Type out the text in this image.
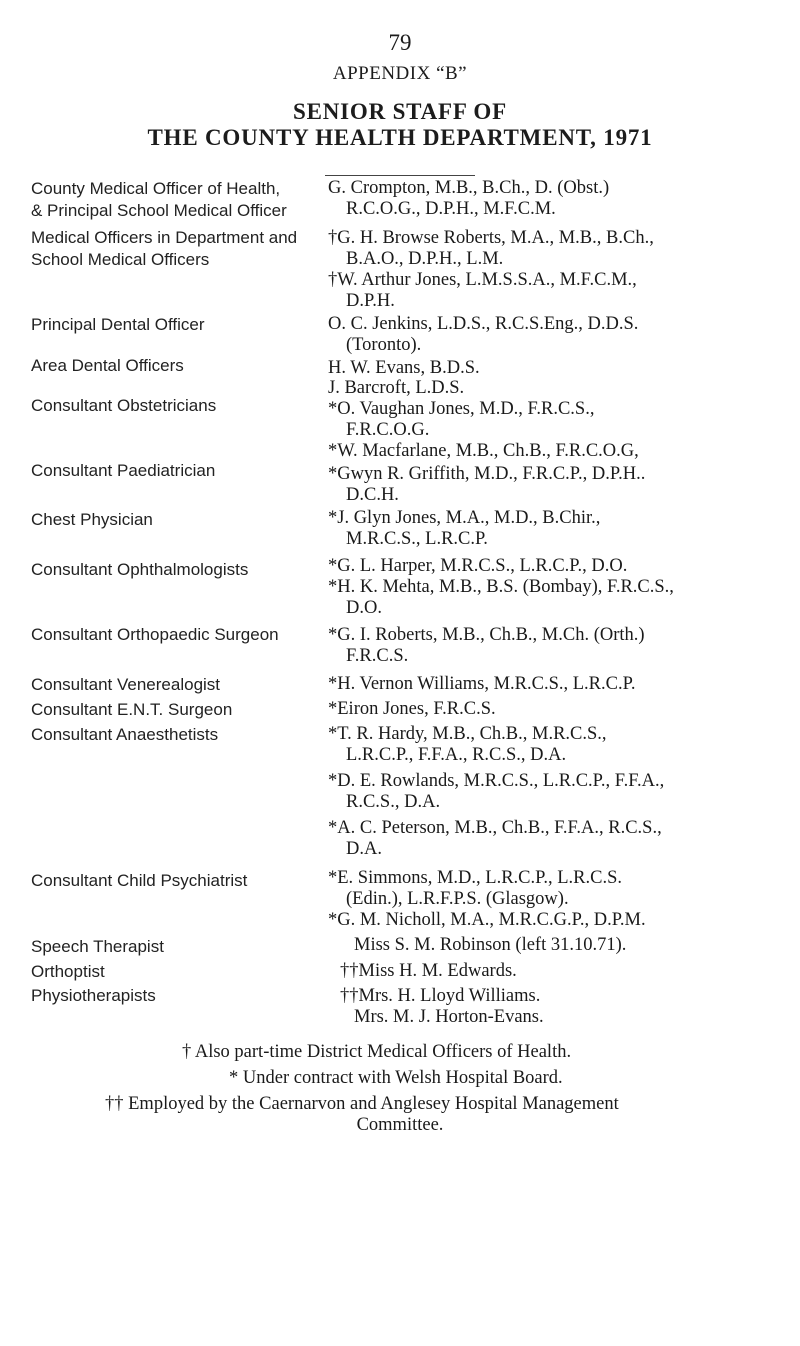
79
APPENDIX “B”
SENIOR STAFF OF
THE COUNTY HEALTH DEPARTMENT, 1971
County Medical Officer of Health,
& Principal School Medical Officer
Medical Officers in Department and
School Medical Officers
Principal Dental Officer
Area Dental Officers
Consultant Obstetricians
Consultant Paediatrician
Chest Physician
Consultant Ophthalmologists
Consultant Orthopaedic Surgeon
Consultant Venerealogist
Consultant E.N.T. Surgeon
Consultant Anaesthetists
Consultant Child Psychiatrist
Speech Therapist
Orthoptist
Physiotherapists
G. Crompton, M.B., B.Ch., D. (Obst.)
R.C.O.G., D.P.H., M.F.C.M.
†G. H. Browse Roberts, M.A., M.B., B.Ch.,
B.A.O., D.P.H., L.M.
†W. Arthur Jones, L.M.S.S.A., M.F.C.M.,
D.P.H.
O. C. Jenkins, L.D.S., R.C.S.Eng., D.D.S.
(Toronto).
H. W. Evans, B.D.S.
J. Barcroft, L.D.S.
*O. Vaughan Jones, M.D., F.R.C.S.,
F.R.C.O.G.
*W. Macfarlane, M.B., Ch.B., F.R.C.O.G,
*Gwyn R. Griffith, M.D., F.R.C.P., D.P.H..
D.C.H.
*J. Glyn Jones, M.A., M.D., B.Chir.,
M.R.C.S., L.R.C.P.
*G. L. Harper, M.R.C.S., L.R.C.P., D.O.
*H. K. Mehta, M.B., B.S. (Bombay), F.R.C.S.,
D.O.
*G. I. Roberts, M.B., Ch.B., M.Ch. (Orth.)
F.R.C.S.
*H. Vernon Williams, M.R.C.S., L.R.C.P.
*Eiron Jones, F.R.C.S.
*T. R. Hardy, M.B., Ch.B., M.R.C.S.,
L.R.C.P., F.F.A., R.C.S., D.A.
*D. E. Rowlands, M.R.C.S., L.R.C.P., F.F.A.,
R.C.S., D.A.
*A. C. Peterson, M.B., Ch.B., F.F.A., R.C.S.,
D.A.
*E. Simmons, M.D., L.R.C.P., L.R.C.S.
(Edin.), L.R.F.P.S. (Glasgow).
*G. M. Nicholl, M.A., M.R.C.G.P., D.P.M.
Miss S. M. Robinson (left 31.10.71).
††Miss H. M. Edwards.
††Mrs. H. Lloyd Williams.
Mrs. M. J. Horton-Evans.
† Also part-time District Medical Officers of Health.
* Under contract with Welsh Hospital Board.
†† Employed by the Caernarvon and Anglesey Hospital Management
Committee.
